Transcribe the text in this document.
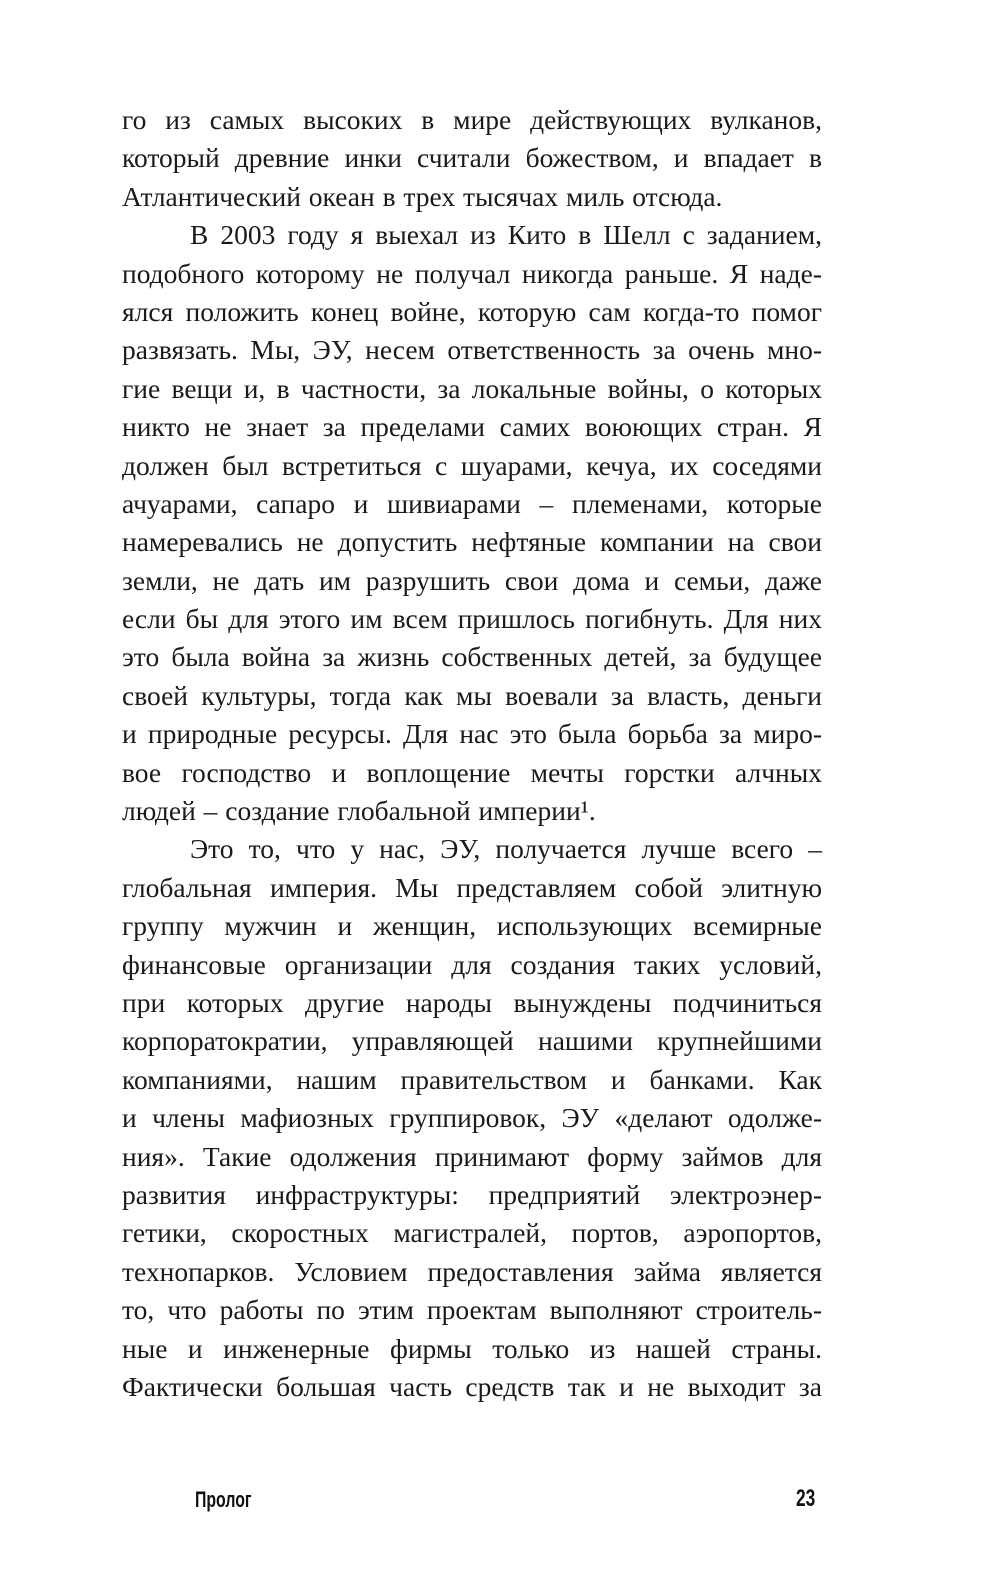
го из самых высоких в мире действующих вулканов,
который древние инки считали божеством, и впадает в
Атлантический океан в трех тысячах миль отсюда.
В 2003 году я выехал из Кито в Шелл с заданием,
подобного которому не получал никогда раньше. Я наде-
ялся положить конец войне, которую сам когда-то помог
развязать. Мы, ЭУ, несем ответственность за очень мно-
гие вещи и, в частности, за локальные войны, о которых
никто не знает за пределами самих воюющих стран. Я
должен был встретиться с шуарами, кечуа, их соседями
ачуарами, сапаро и шивиарами – племенами, которые
намеревались не допустить нефтяные компании на свои
земли, не дать им разрушить свои дома и семьи, даже
если бы для этого им всем пришлось погибнуть. Для них
это была война за жизнь собственных детей, за будущее
своей культуры, тогда как мы воевали за власть, деньги
и природные ресурсы. Для нас это была борьба за миро-
вое господство и воплощение мечты горстки алчных
людей – создание глобальной империи¹.
Это то, что у нас, ЭУ, получается лучше всего –
глобальная империя. Мы представляем собой элитную
группу мужчин и женщин, использующих всемирные
финансовые организации для создания таких условий,
при которых другие народы вынуждены подчиниться
корпоратократии, управляющей нашими крупнейшими
компаниями, нашим правительством и банками. Как
и члены мафиозных группировок, ЭУ «делают одолже-
ния». Такие одолжения принимают форму займов для
развития инфраструктуры: предприятий электроэнер-
гетики, скоростных магистралей, портов, аэропортов,
технопарков. Условием предоставления займа является
то, что работы по этим проектам выполняют строитель-
ные и инженерные фирмы только из нашей страны.
Фактически большая часть средств так и не выходит за
Пролог	23
